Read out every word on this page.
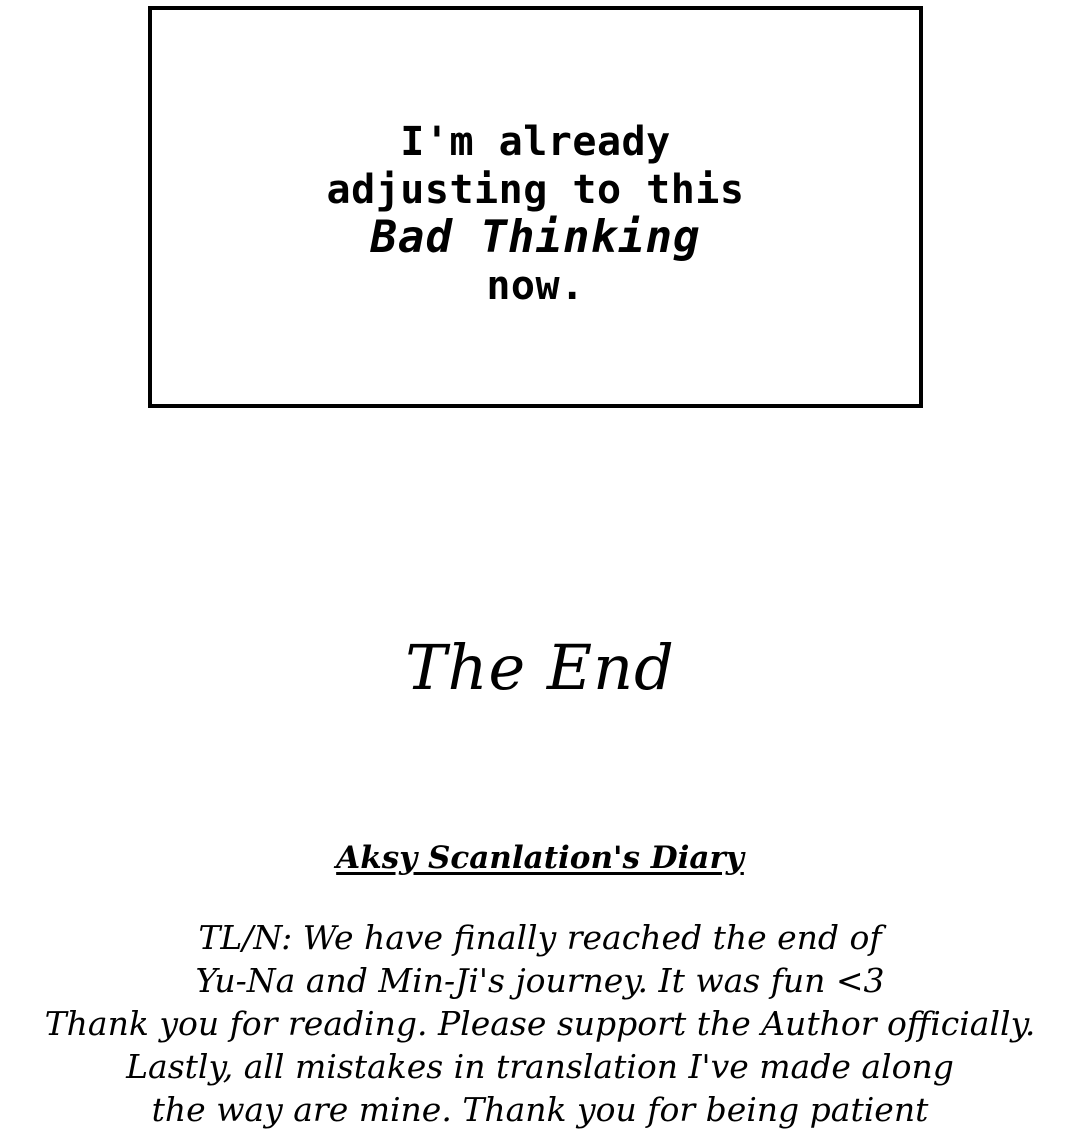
I'm already
adjusting to this
Bad Thinking
now.
The End
Aksy Scanlation's Diary
TL/N: We have finally reached the end of
Yu-Na and Min-Ji's journey. It was fun <3
Thank you for reading. Please support the Author officially.
Lastly, all mistakes in translation I've made along
the way are mine. Thank you for being patient
